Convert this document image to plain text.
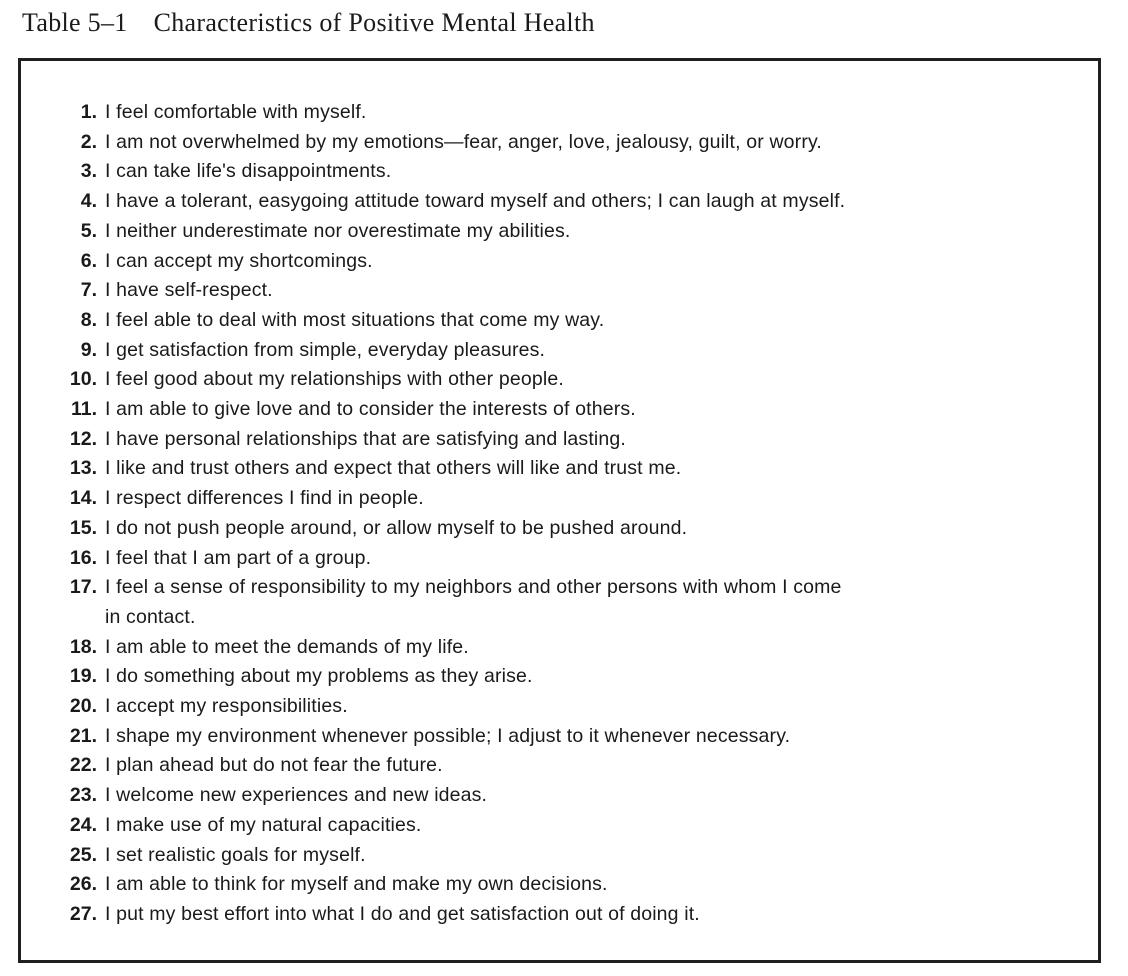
Table 5–1 Characteristics of Positive Mental Health
1. I feel comfortable with myself.
2. I am not overwhelmed by my emotions—fear, anger, love, jealousy, guilt, or worry.
3. I can take life's disappointments.
4. I have a tolerant, easygoing attitude toward myself and others; I can laugh at myself.
5. I neither underestimate nor overestimate my abilities.
6. I can accept my shortcomings.
7. I have self-respect.
8. I feel able to deal with most situations that come my way.
9. I get satisfaction from simple, everyday pleasures.
10. I feel good about my relationships with other people.
11. I am able to give love and to consider the interests of others.
12. I have personal relationships that are satisfying and lasting.
13. I like and trust others and expect that others will like and trust me.
14. I respect differences I find in people.
15. I do not push people around, or allow myself to be pushed around.
16. I feel that I am part of a group.
17. I feel a sense of responsibility to my neighbors and other persons with whom I come
in contact.
18. I am able to meet the demands of my life.
19. I do something about my problems as they arise.
20. I accept my responsibilities.
21. I shape my environment whenever possible; I adjust to it whenever necessary.
22. I plan ahead but do not fear the future.
23. I welcome new experiences and new ideas.
24. I make use of my natural capacities.
25. I set realistic goals for myself.
26. I am able to think for myself and make my own decisions.
27. I put my best effort into what I do and get satisfaction out of doing it.
